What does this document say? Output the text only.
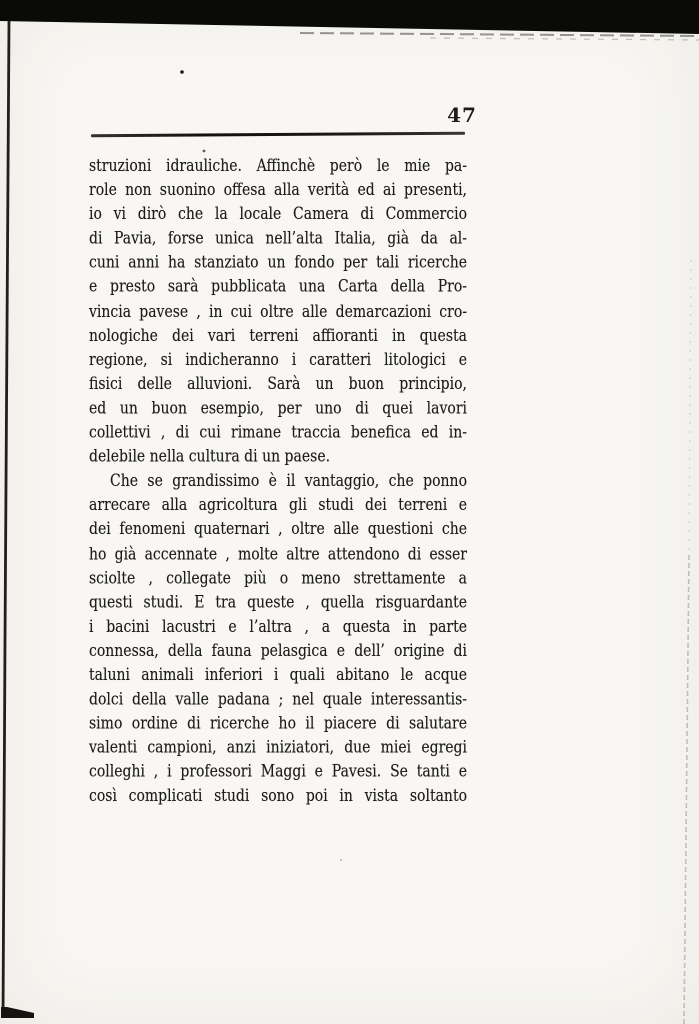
47
struzioni idrauliche. Affinchè però le mie pa-
role non suonino offesa alla verità ed ai presenti,
io vi dirò che la locale Camera di Commercio
di Pavia, forse unica nell’alta Italia, già da al-
cuni anni ha stanziato un fondo per tali ricerche
e presto sarà pubblicata una Carta della Pro-
vincia pavese , in cui oltre alle demarcazioni cro-
nologiche dei vari terreni affioranti in questa
regione, si indicheranno i caratteri litologici e
fisici delle alluvioni. Sarà un buon principio,
ed un buon esempio, per uno di quei lavori
collettivi , di cui rimane traccia benefica ed in-
delebile nella cultura di un paese.
Che se grandissimo è il vantaggio, che ponno
arrecare alla agricoltura gli studi dei terreni e
dei fenomeni quaternari , oltre alle questioni che
ho già accennate , molte altre attendono di esser
sciolte , collegate più o meno strettamente a
questi studi. E tra queste , quella risguardante
i bacini lacustri e l’altra , a questa in parte
connessa, della fauna pelasgica e dell’ origine di
taluni animali inferiori i quali abitano le acque
dolci della valle padana ; nel quale interessantis-
simo ordine di ricerche ho il piacere di salutare
valenti campioni, anzi iniziatori, due miei egregi
colleghi , i professori Maggi e Pavesi. Se tanti e
così complicati studi sono poi in vista soltanto
